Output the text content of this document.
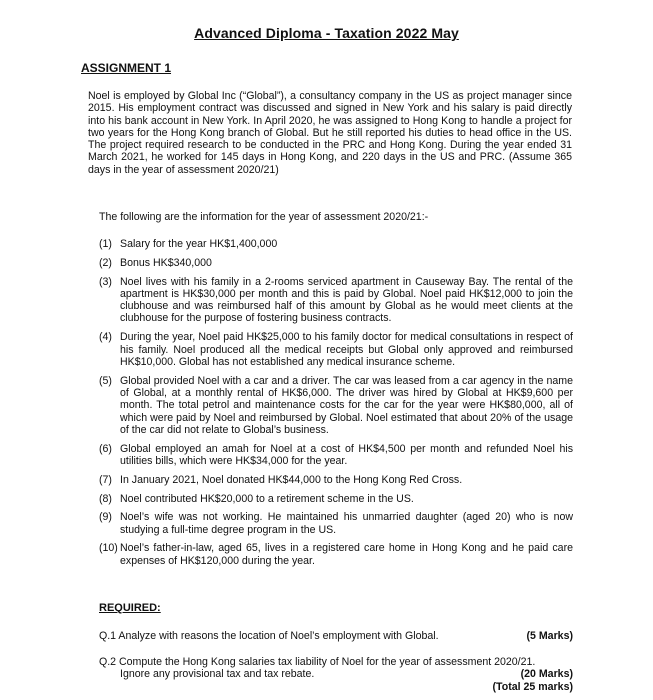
Advanced Diploma - Taxation 2022 May
ASSIGNMENT 1

Noel is employed by Global Inc (“Global”), a consultancy company in the US as project manager since 2015. His employment contract was discussed and signed in New York and his salary is paid directly into his bank account in New York. In April 2020, he was assigned to Hong Kong to handle a project for two years for the Hong Kong branch of Global. But he still reported his duties to head office in the US. The project required research to be conducted in the PRC and Hong Kong. During the year ended 31 March 2021, he worked for 145 days in Hong Kong, and 220 days in the US and PRC. (Assume 365 days in the year of assessment 2020/21)

The following are the information for the year of assessment 2020/21:-
(1) Salary for the year HK$1,400,000
(2) Bonus HK$340,000
(3) Noel lives with his family in a 2-rooms serviced apartment in Causeway Bay. The rental of the apartment is HK$30,000 per month and this is paid by Global. Noel paid HK$12,000 to join the clubhouse and was reimbursed half of this amount by Global as he would meet clients at the clubhouse for the purpose of fostering business contracts.
(4) During the year, Noel paid HK$25,000 to his family doctor for medical consultations in respect of his family. Noel produced all the medical receipts but Global only approved and reimbursed HK$10,000. Global has not established any medical insurance scheme.
(5) Global provided Noel with a car and a driver. The car was leased from a car agency in the name of Global, at a monthly rental of HK$6,000. The driver was hired by Global at HK$9,600 per month. The total petrol and maintenance costs for the car for the year were HK$80,000, all of which were paid by Noel and reimbursed by Global. Noel estimated that about 20% of the usage of the car did not relate to Global’s business.
(6) Global employed an amah for Noel at a cost of HK$4,500 per month and refunded Noel his utilities bills, which were HK$34,000 for the year.
(7) In January 2021, Noel donated HK$44,000 to the Hong Kong Red Cross.
(8) Noel contributed HK$20,000 to a retirement scheme in the US.
(9) Noel’s wife was not working. He maintained his unmarried daughter (aged 20) who is now studying a full-time degree program in the US.
(10) Noel’s father-in-law, aged 65, lives in a registered care home in Hong Kong and he paid care expenses of HK$120,000 during the year.
REQUIRED:
Q.1 Analyze with reasons the location of Noel’s employment with Global.	(5 Marks)
Q.2 Compute the Hong Kong salaries tax liability of Noel for the year of assessment 2020/21.
Ignore any provisional tax and tax rebate.	(20 Marks)
(Total 25 marks)
